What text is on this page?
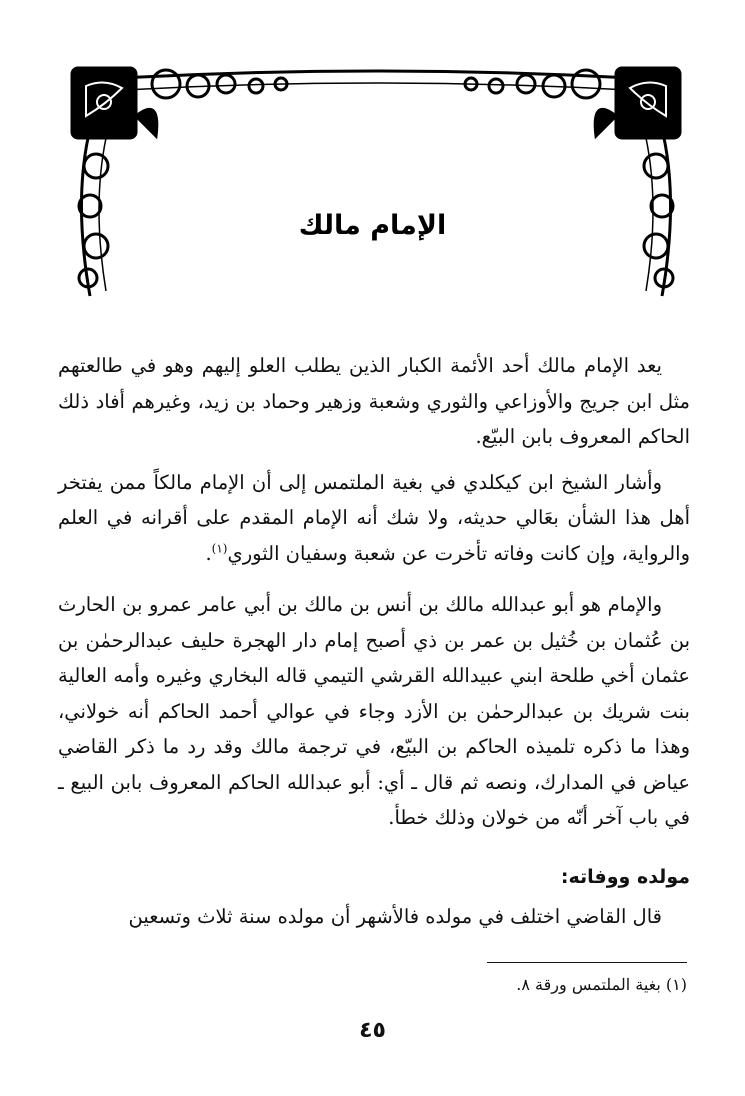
الإمام مالك

يعد الإمام مالك أحد الأئمة الكبار الذين يطلب العلو إليهم وهو في طالعتهم مثل ابن جريج والأوزاعي والثوري وشعبة وزهير وحماد بن زيد، وغيرهم أفاد ذلك الحاكم المعروف بابن البيّع.

وأشار الشيخ ابن كيكلدي في بغية الملتمس إلى أن الإمام مالكاً ممن يفتخر أهل هذا الشأن بعَالي حديثه، ولا شك أنه الإمام المقدم على أقرانه في العلم والرواية، وإن كانت وفاته تأخرت عن شعبة وسفيان الثوري$^{(١)}$.

والإمام هو أبو عبدالله مالك بن أنس بن مالك بن أبي عامر عمرو بن الحارث بن عُثمان بن خُثيل بن عمر بن ذي أصبح إمام دار الهجرة حليف عبدالرحمٰن بن عثمان أخي طلحة ابني عبيدالله القرشي التيمي قاله البخاري وغيره وأمه العالية بنت شريك بن عبدالرحمٰن بن الأزد وجاء في عوالي أحمد الحاكم أنه خولاني، وهذا ما ذكره تلميذه الحاكم بن البيّع، في ترجمة مالك وقد رد ما ذكر القاضي عياض في المدارك، ونصه ثم قال ـ أي: أبو عبدالله الحاكم المعروف بابن البيع ـ في باب آخر أنّه من خولان وذلك خطأ.

مولده ووفاته:

قال القاضي اختلف في مولده فالأشهر أن مولده سنة ثلاث وتسعين

(١) بغية الملتمس ورقة ٨.

٤٥
